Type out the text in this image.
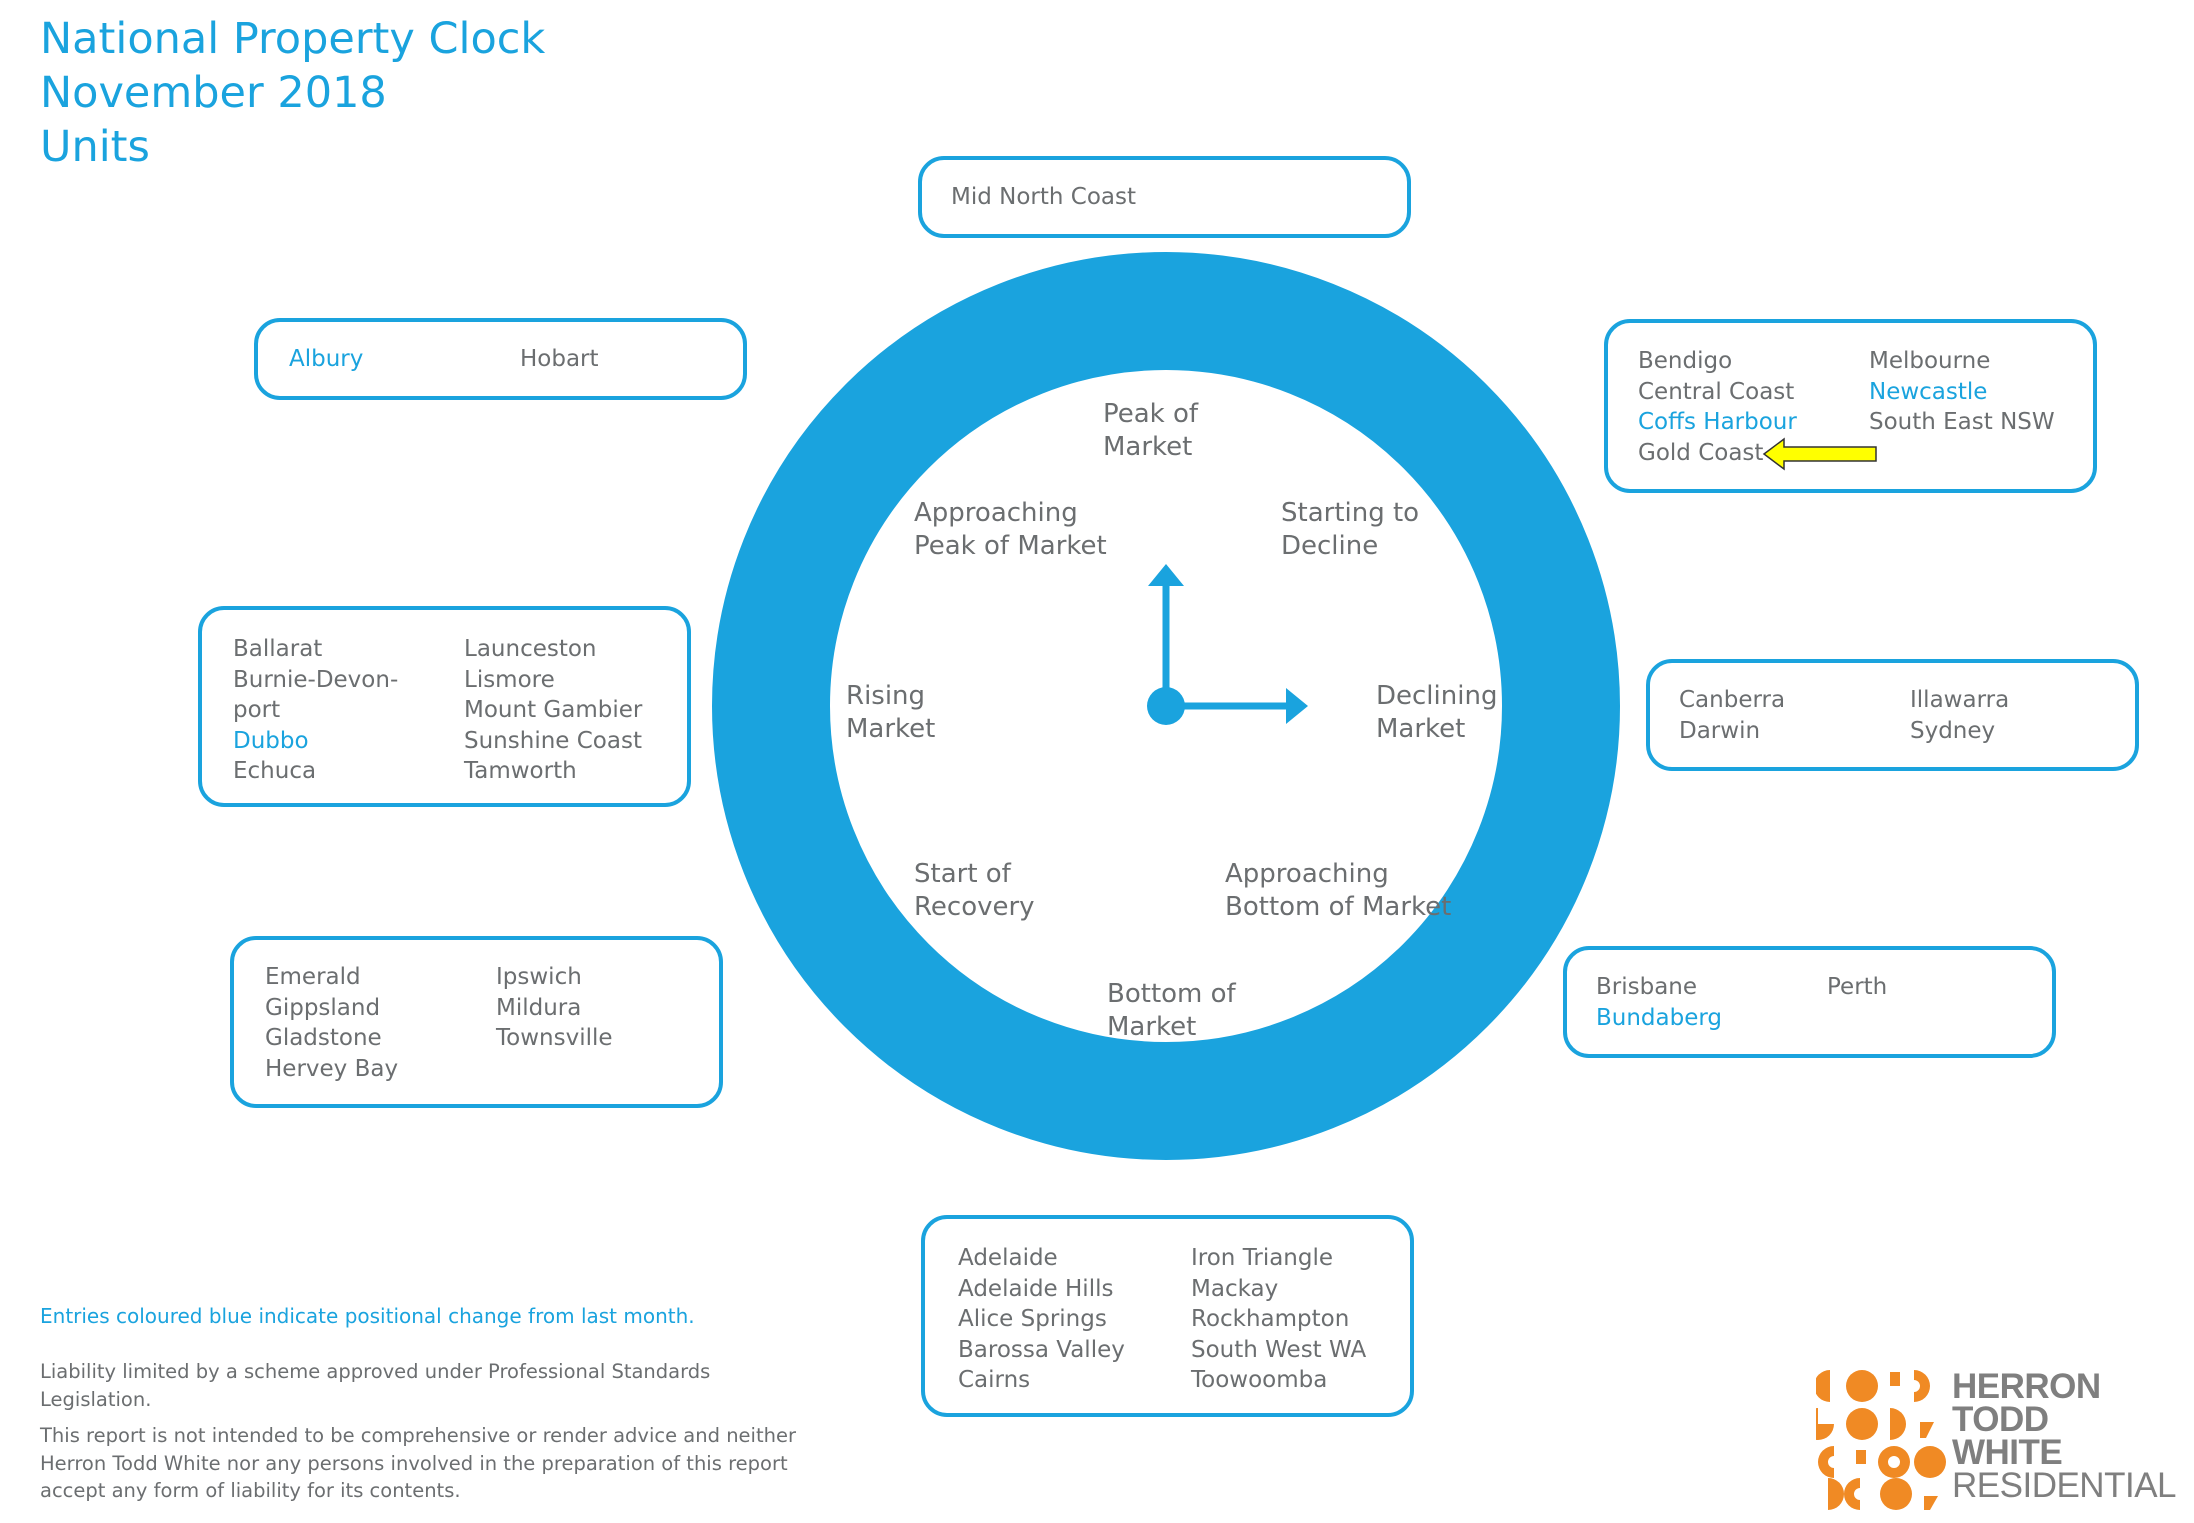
National Property Clock
November 2018
Units
Peak of
Market
Approaching
Peak of Market
Starting to
Decline
Rising
Market
Declining
Market
Start of
Recovery
Approaching
Bottom of Market
Bottom of
Market
Mid North Coast
Bendigo
Central Coast
Coffs Harbour
Gold Coast
Melbourne
Newcastle
South East NSW
Canberra
Darwin
Illawarra
Sydney
Brisbane
Bundaberg
Perth
Adelaide
Adelaide Hills
Alice Springs
Barossa Valley
Cairns
Iron Triangle
Mackay
Rockhampton
South West WA
Toowoomba
Emerald
Gippsland
Gladstone
Hervey Bay
Ipswich
Mildura
Townsville
Ballarat
Burnie-Devon-
port
Dubbo
Echuca
Launceston
Lismore
Mount Gambier
Sunshine Coast
Tamworth
Albury	Hobart
Entries coloured blue indicate positional change from last month.
Liability limited by a scheme approved under Professional Standards Legislation.
This report is not intended to be comprehensive or render advice and neither Herron Todd White nor any persons involved in the preparation of this report accept any form of liability for its contents.
HERRON
TODD
WHITE
RESIDENTIAL
